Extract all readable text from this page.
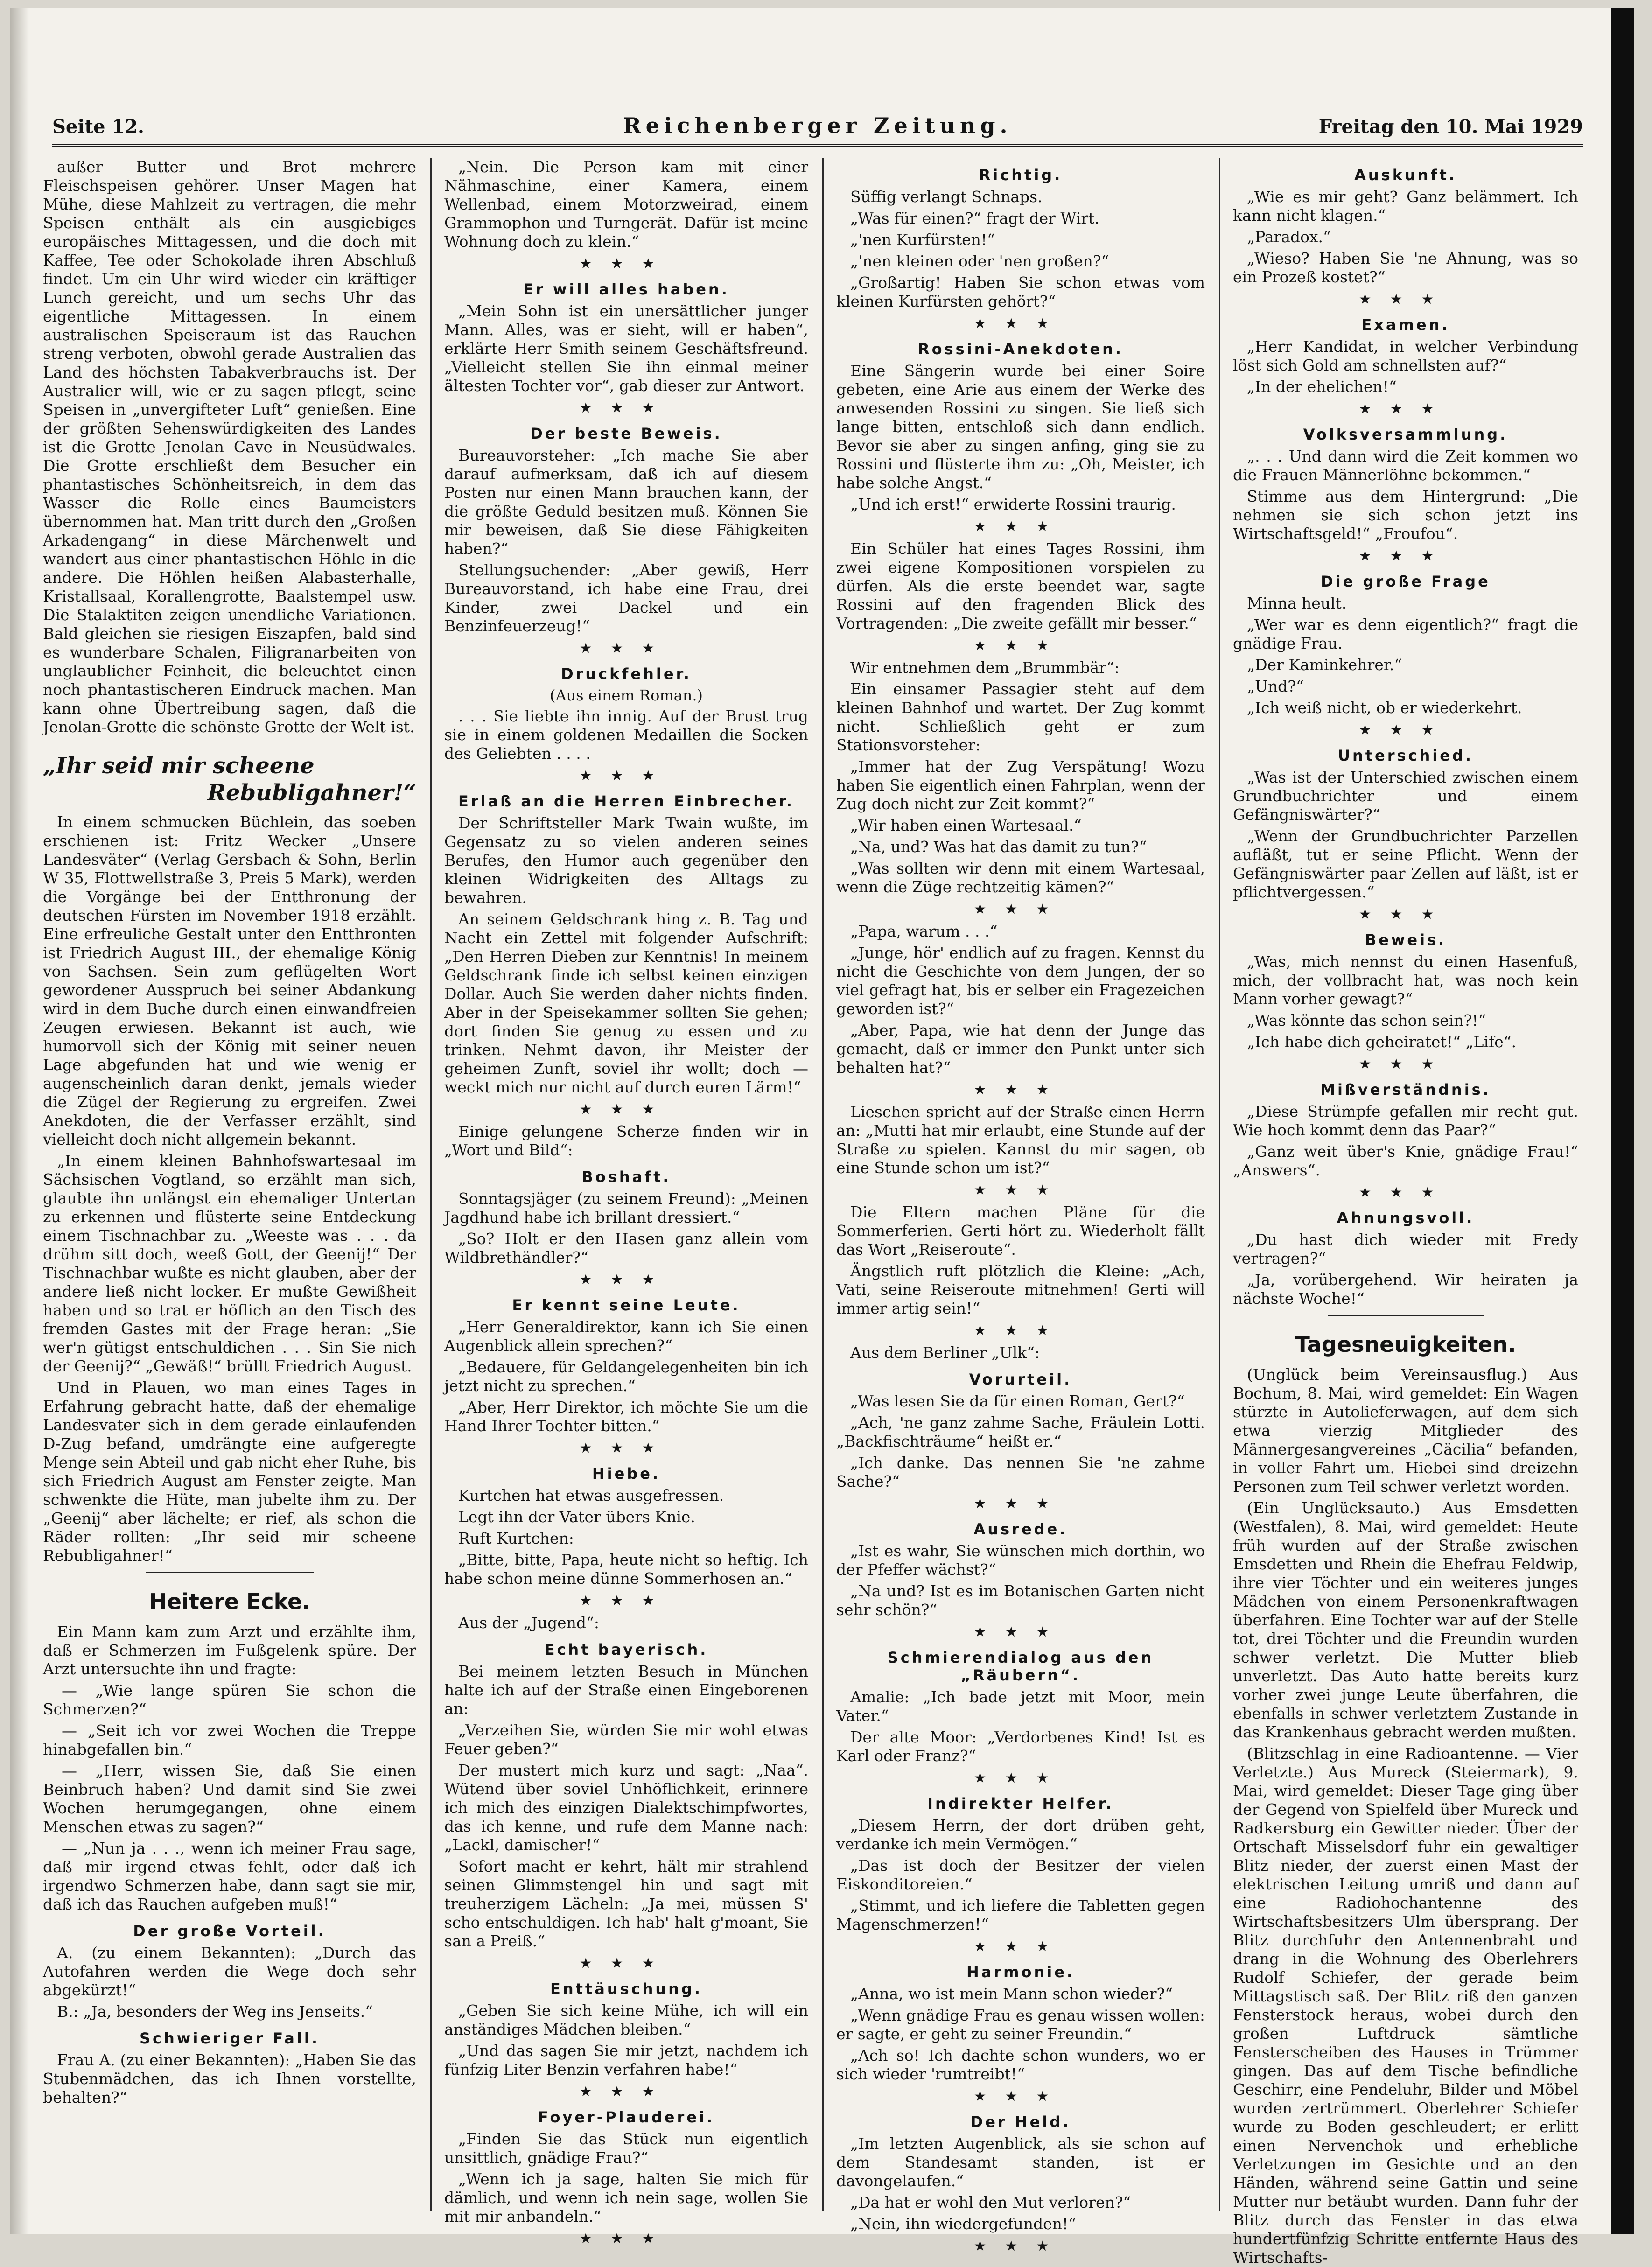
Seite 12.	Reichenberger Zeitung.	Freitag den 10. Mai 1929

außer Butter und Brot mehrere Fleischspeisen gehörer. Unser Magen hat Mühe, diese Mahlzeit zu vertragen, die mehr Speisen enthält als ein ausgiebiges europäisches Mittagessen, und die doch mit Kaffee, Tee oder Schokolade ihren Abschluß findet. Um ein Uhr wird wieder ein kräftiger Lunch gereicht, und um sechs Uhr das eigentliche Mittagessen. In einem australischen Speiseraum ist das Rauchen streng verboten, obwohl gerade Australien das Land des höchsten Tabakverbrauchs ist. Der Australier will, wie er zu sagen pflegt, seine Speisen in „unvergifteter Luft“ genießen. Eine der größten Sehenswürdigkeiten des Landes ist die Grotte Jenolan Cave in Neusüdwales. Die Grotte erschließt dem Besucher ein phantastisches Schönheitsreich, in dem das Wasser die Rolle eines Baumeisters übernommen hat. Man tritt durch den „Großen Arkadengang“ in diese Märchenwelt und wandert aus einer phantastischen Höhle in die andere. Die Höhlen heißen Alabasterhalle, Kristallsaal, Korallengrotte, Baalstempel usw. Die Stalaktiten zeigen unendliche Variationen. Bald gleichen sie riesigen Eiszapfen, bald sind es wunderbare Schalen, Filigranarbeiten von unglaublicher Feinheit, die beleuchtet einen noch phantastischeren Eindruck machen. Man kann ohne Übertreibung sagen, daß die Jenolan-Grotte die schönste Grotte der Welt ist.

„Ihr seid mir scheene
Rebubligahner!“

In einem schmucken Büchlein, das soeben erschienen ist: Fritz Wecker „Unsere Landesväter“ (Verlag Gersbach & Sohn, Berlin W 35, Flottwellstraße 3, Preis 5 Mark), werden die Vorgänge bei der Entthronung der deutschen Fürsten im November 1918 erzählt. Eine erfreuliche Gestalt unter den Entthronten ist Friedrich August III., der ehemalige König von Sachsen. Sein zum geflügelten Wort gewordener Ausspruch bei seiner Abdankung wird in dem Buche durch einen einwandfreien Zeugen erwiesen. Bekannt ist auch, wie humorvoll sich der König mit seiner neuen Lage abgefunden hat und wie wenig er augenscheinlich daran denkt, jemals wieder die Zügel der Regierung zu ergreifen. Zwei Anekdoten, die der Verfasser erzählt, sind vielleicht doch nicht allgemein bekannt.

„In einem kleinen Bahnhofswartesaal im Sächsischen Vogtland, so erzählt man sich, glaubte ihn unlängst ein ehemaliger Untertan zu erkennen und flüsterte seine Entdeckung einem Tischnachbar zu. „Weeste was . . . da drühm sitt doch, weeß Gott, der Geenij!“ Der Tischnachbar wußte es nicht glauben, aber der andere ließ nicht locker. Er mußte Gewißheit haben und so trat er höflich an den Tisch des fremden Gastes mit der Frage heran: „Sie wer'n gütigst entschuldichen . . . Sin Sie nich der Geenij?“ „Gewäß!“ brüllt Friedrich August.

Und in Plauen, wo man eines Tages in Erfahrung gebracht hatte, daß der ehemalige Landesvater sich in dem gerade einlaufenden D-Zug befand, umdrängte eine aufgeregte Menge sein Abteil und gab nicht eher Ruhe, bis sich Friedrich August am Fenster zeigte. Man schwenkte die Hüte, man jubelte ihm zu. Der „Geenij“ aber lächelte; er rief, als schon die Räder rollten: „Ihr seid mir scheene Rebubligahner!“

Heitere Ecke.

Ein Mann kam zum Arzt und erzählte ihm, daß er Schmerzen im Fußgelenk spüre. Der Arzt untersuchte ihn und fragte:

— „Wie lange spüren Sie schon die Schmerzen?“

— „Seit ich vor zwei Wochen die Treppe hinabgefallen bin.“

— „Herr, wissen Sie, daß Sie einen Beinbruch haben? Und damit sind Sie zwei Wochen herumgegangen, ohne einem Menschen etwas zu sagen?“

— „Nun ja . . ., wenn ich meiner Frau sage, daß mir irgend etwas fehlt, oder daß ich irgendwo Schmerzen habe, dann sagt sie mir, daß ich das Rauchen aufgeben muß!“

Der große Vorteil.

A. (zu einem Bekannten): „Durch das Autofahren werden die Wege doch sehr abgekürzt!“

B.: „Ja, besonders der Weg ins Jenseits.“

Schwieriger Fall.

Frau A. (zu einer Bekannten): „Haben Sie das Stubenmädchen, das ich Ihnen vorstellte, behalten?“

„Nein. Die Person kam mit einer Nähmaschine, einer Kamera, einem Wellenbad, einem Motorzweirad, einem Grammophon und Turngerät. Dafür ist meine Wohnung doch zu klein.“

★★★
Er will alles haben.

„Mein Sohn ist ein unersättlicher junger Mann. Alles, was er sieht, will er haben“, erklärte Herr Smith seinem Geschäftsfreund. „Vielleicht stellen Sie ihn einmal meiner ältesten Tochter vor“, gab dieser zur Antwort.

★★★
Der beste Beweis.

Bureauvorsteher: „Ich mache Sie aber darauf aufmerksam, daß ich auf diesem Posten nur einen Mann brauchen kann, der die größte Geduld besitzen muß. Können Sie mir beweisen, daß Sie diese Fähigkeiten haben?“

Stellungsuchender: „Aber gewiß, Herr Bureauvorstand, ich habe eine Frau, drei Kinder, zwei Dackel und ein Benzinfeuerzeug!“

★★★
Druckfehler.
(Aus einem Roman.)

. . . Sie liebte ihn innig. Auf der Brust trug sie in einem goldenen Medaillen die Socken des Geliebten . . . .

★★★
Erlaß an die Herren Einbrecher.

Der Schriftsteller Mark Twain wußte, im Gegensatz zu so vielen anderen seines Berufes, den Humor auch gegenüber den kleinen Widrigkeiten des Alltags zu bewahren.

An seinem Geldschrank hing z. B. Tag und Nacht ein Zettel mit folgender Aufschrift: „Den Herren Dieben zur Kenntnis! In meinem Geldschrank finde ich selbst keinen einzigen Dollar. Auch Sie werden daher nichts finden. Aber in der Speisekammer sollten Sie gehen; dort finden Sie genug zu essen und zu trinken. Nehmt davon, ihr Meister der geheimen Zunft, soviel ihr wollt; doch — weckt mich nur nicht auf durch euren Lärm!“

★★★

Einige gelungene Scherze finden wir in „Wort und Bild“:

Boshaft.

Sonntagsjäger (zu seinem Freund): „Meinen Jagdhund habe ich brillant dressiert.“

„So? Holt er den Hasen ganz allein vom Wildbrethändler?“

★★★
Er kennt seine Leute.

„Herr Generaldirektor, kann ich Sie einen Augenblick allein sprechen?“

„Bedauere, für Geldangelegenheiten bin ich jetzt nicht zu sprechen.“

„Aber, Herr Direktor, ich möchte Sie um die Hand Ihrer Tochter bitten.“

★★★
Hiebe.

Kurtchen hat etwas ausgefressen.

Legt ihn der Vater übers Knie.

Ruft Kurtchen:

„Bitte, bitte, Papa, heute nicht so heftig. Ich habe schon meine dünne Sommerhosen an.“

★★★

Aus der „Jugend“:

Echt bayerisch.

Bei meinem letzten Besuch in München halte ich auf der Straße einen Eingeborenen an:

„Verzeihen Sie, würden Sie mir wohl etwas Feuer geben?“

Der mustert mich kurz und sagt: „Naa“. Wütend über soviel Unhöflichkeit, erinnere ich mich des einzigen Dialektschimpfwortes, das ich kenne, und rufe dem Manne nach: „Lackl, damischer!“

Sofort macht er kehrt, hält mir strahlend seinen Glimmstengel hin und sagt mit treuherzigem Lächeln: „Ja mei, müssen S' scho entschuldigen. Ich hab' halt g'moant, Sie san a Preiß.“

★★★
Enttäuschung.

„Geben Sie sich keine Mühe, ich will ein anständiges Mädchen bleiben.“

„Und das sagen Sie mir jetzt, nachdem ich fünfzig Liter Benzin verfahren habe!“

★★★
Foyer-Plauderei.

„Finden Sie das Stück nun eigentlich unsittlich, gnädige Frau?“

„Wenn ich ja sage, halten Sie mich für dämlich, und wenn ich nein sage, wollen Sie mit mir anbandeln.“

★★★
Richtig.

Süffig verlangt Schnaps.

„Was für einen?“ fragt der Wirt.

„'nen Kurfürsten!“

„'nen kleinen oder 'nen großen?“

„Großartig! Haben Sie schon etwas vom kleinen Kurfürsten gehört?“

★★★
Rossini-Anekdoten.

Eine Sängerin wurde bei einer Soire gebeten, eine Arie aus einem der Werke des anwesenden Rossini zu singen. Sie ließ sich lange bitten, entschloß sich dann endlich. Bevor sie aber zu singen anfing, ging sie zu Rossini und flüsterte ihm zu: „Oh, Meister, ich habe solche Angst.“

„Und ich erst!“ erwiderte Rossini traurig.

★★★

Ein Schüler hat eines Tages Rossini, ihm zwei eigene Kompositionen vorspielen zu dürfen. Als die erste beendet war, sagte Rossini auf den fragenden Blick des Vortragenden: „Die zweite gefällt mir besser.“

★★★

Wir entnehmen dem „Brummbär“:

Ein einsamer Passagier steht auf dem kleinen Bahnhof und wartet. Der Zug kommt nicht. Schließlich geht er zum Stationsvorsteher:

„Immer hat der Zug Verspätung! Wozu haben Sie eigentlich einen Fahrplan, wenn der Zug doch nicht zur Zeit kommt?“

„Wir haben einen Wartesaal.“

„Na, und? Was hat das damit zu tun?“

„Was sollten wir denn mit einem Wartesaal, wenn die Züge rechtzeitig kämen?“

★★★

„Papa, warum . . .“

„Junge, hör' endlich auf zu fragen. Kennst du nicht die Geschichte von dem Jungen, der so viel gefragt hat, bis er selber ein Fragezeichen geworden ist?“

„Aber, Papa, wie hat denn der Junge das gemacht, daß er immer den Punkt unter sich behalten hat?“

★★★

Lieschen spricht auf der Straße einen Herrn an: „Mutti hat mir erlaubt, eine Stunde auf der Straße zu spielen. Kannst du mir sagen, ob eine Stunde schon um ist?“

★★★

Die Eltern machen Pläne für die Sommerferien. Gerti hört zu. Wiederholt fällt das Wort „Reiseroute“.

Ängstlich ruft plötzlich die Kleine: „Ach, Vati, seine Reiseroute mitnehmen! Gerti will immer artig sein!“

★★★

Aus dem Berliner „Ulk“:

Vorurteil.

„Was lesen Sie da für einen Roman, Gert?“

„Ach, 'ne ganz zahme Sache, Fräulein Lotti. „Backfischträume“ heißt er.“

„Ich danke. Das nennen Sie 'ne zahme Sache?“

★★★
Ausrede.

„Ist es wahr, Sie wünschen mich dorthin, wo der Pfeffer wächst?“

„Na und? Ist es im Botanischen Garten nicht sehr schön?“

★★★
Schmierendialog aus den „Räubern“.

Amalie: „Ich bade jetzt mit Moor, mein Vater.“

Der alte Moor: „Verdorbenes Kind! Ist es Karl oder Franz?“

★★★
Indirekter Helfer.

„Diesem Herrn, der dort drüben geht, verdanke ich mein Vermögen.“

„Das ist doch der Besitzer der vielen Eiskonditoreien.“

„Stimmt, und ich liefere die Tabletten gegen Magenschmerzen!“

★★★
Harmonie.

„Anna, wo ist mein Mann schon wieder?“

„Wenn gnädige Frau es genau wissen wollen: er sagte, er geht zu seiner Freundin.“

„Ach so! Ich dachte schon wunders, wo er sich wieder 'rumtreibt!“

★★★
Der Held.

„Im letzten Augenblick, als sie schon auf dem Standesamt standen, ist er davongelaufen.“

„Da hat er wohl den Mut verloren?“

„Nein, ihn wiedergefunden!“

★★★
Auskunft.

„Wie es mir geht? Ganz belämmert. Ich kann nicht klagen.“

„Paradox.“

„Wieso? Haben Sie 'ne Ahnung, was so ein Prozeß kostet?“

★★★
Examen.

„Herr Kandidat, in welcher Verbindung löst sich Gold am schnellsten auf?“

„In der ehelichen!“

★★★
Volksversammlung.

„. . . Und dann wird die Zeit kommen wo die Frauen Männerlöhne bekommen.“

Stimme aus dem Hintergrund: „Die nehmen sie sich schon jetzt ins Wirtschaftsgeld!“ „Froufou“.

★★★
Die große Frage

Minna heult.

„Wer war es denn eigentlich?“ fragt die gnädige Frau.

„Der Kaminkehrer.“

„Und?“

„Ich weiß nicht, ob er wiederkehrt.

★★★
Unterschied.

„Was ist der Unterschied zwischen einem Grundbuchrichter und einem Gefängniswärter?“

„Wenn der Grundbuchrichter Parzellen aufläßt, tut er seine Pflicht. Wenn der Gefängniswärter paar Zellen auf läßt, ist er pflichtvergessen.“

★★★
Beweis.

„Was, mich nennst du einen Hasenfuß, mich, der vollbracht hat, was noch kein Mann vorher gewagt?“

„Was könnte das schon sein?!“

„Ich habe dich geheiratet!“ „Life“.

★★★
Mißverständnis.

„Diese Strümpfe gefallen mir recht gut. Wie hoch kommt denn das Paar?“

„Ganz weit über's Knie, gnädige Frau!“ „Answers“.

★★★
Ahnungsvoll.

„Du hast dich wieder mit Fredy vertragen?“

„Ja, vorübergehend. Wir heiraten ja nächste Woche!“

Tagesneuigkeiten.

(Unglück beim Vereinsausflug.) Aus Bochum, 8. Mai, wird gemeldet: Ein Wagen stürzte in Autolieferwagen, auf dem sich etwa vierzig Mitglieder des Männergesangvereines „Cäcilia“ befanden, in voller Fahrt um. Hiebei sind dreizehn Personen zum Teil schwer verletzt worden.

(Ein Unglücksauto.) Aus Emsdetten (Westfalen), 8. Mai, wird gemeldet: Heute früh wurden auf der Straße zwischen Emsdetten und Rhein die Ehefrau Feldwip, ihre vier Töchter und ein weiteres junges Mädchen von einem Personenkraftwagen überfahren. Eine Tochter war auf der Stelle tot, drei Töchter und die Freundin wurden schwer verletzt. Die Mutter blieb unverletzt. Das Auto hatte bereits kurz vorher zwei junge Leute überfahren, die ebenfalls in schwer verletztem Zustande in das Krankenhaus gebracht werden mußten.

(Blitzschlag in eine Radioantenne. — Vier Verletzte.) Aus Mureck (Steiermark), 9. Mai, wird gemeldet: Dieser Tage ging über der Gegend von Spielfeld über Mureck und Radkersburg ein Gewitter nieder. Über der Ortschaft Misselsdorf fuhr ein gewaltiger Blitz nieder, der zuerst einen Mast der elektrischen Leitung umriß und dann auf eine Radiohochantenne des Wirtschaftsbesitzers Ulm übersprang. Der Blitz durchfuhr den Antennenbraht und drang in die Wohnung des Oberlehrers Rudolf Schiefer, der gerade beim Mittagstisch saß. Der Blitz riß den ganzen Fensterstock heraus, wobei durch den großen Luftdruck sämtliche Fensterscheiben des Hauses in Trümmer gingen. Das auf dem Tische befindliche Geschirr, eine Pendeluhr, Bilder und Möbel wurden zertrümmert. Oberlehrer Schiefer wurde zu Boden geschleudert; er erlitt einen Nervenchok und erhebliche Verletzungen im Gesichte und an den Händen, während seine Gattin und seine Mutter nur betäubt wurden. Dann fuhr der Blitz durch das Fenster in das etwa hundertfünfzig Schritte entfernte Haus des Wirtschafts-
